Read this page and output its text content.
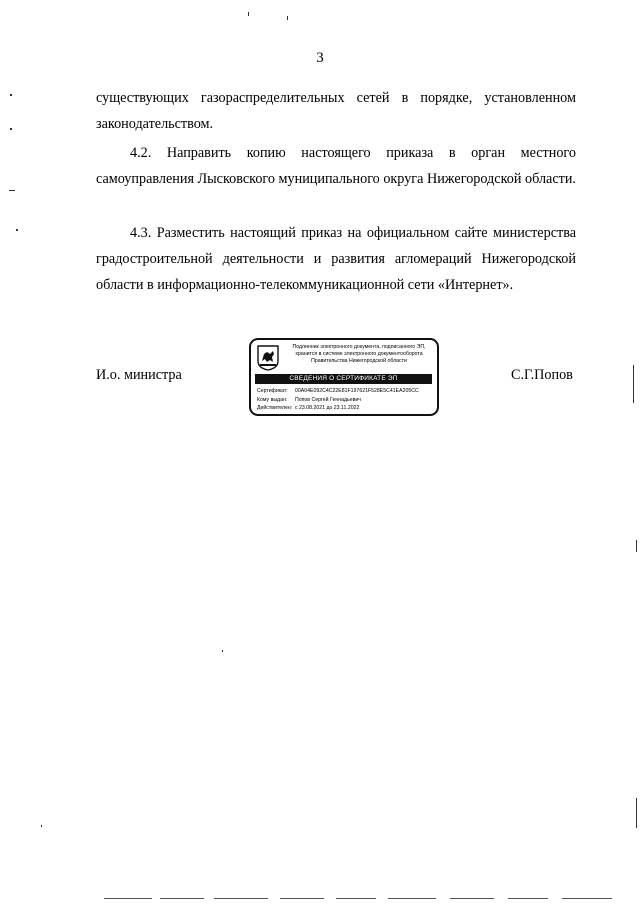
3

существующих газораспределительных сетей в порядке, установленном законодательством.

4.2. Направить копию настоящего приказа в орган местного самоуправления Лысковского муниципального округа Нижегородской области.

4.3. Разместить настоящий приказ на официальном сайте министерства градостроительной деятельности и развития агломераций Нижегородской области в информационно-телекоммуникационной сети «Интернет».

И.о. министра
Подлинник электронного документа, подписанного ЭП,
хранится в системе электронного документооборота
Правительства Нижегородской области
СВЕДЕНИЯ О СЕРТИФИКАТЕ ЭП
Сертификат: 00A04E092C4C22E81F197621F528E5C41EA205CC
Кому выдан: Попов Сергей Геннадьевич
Действителен: с 23.08.2021 до 23.11.2022
С.Г.Попов
